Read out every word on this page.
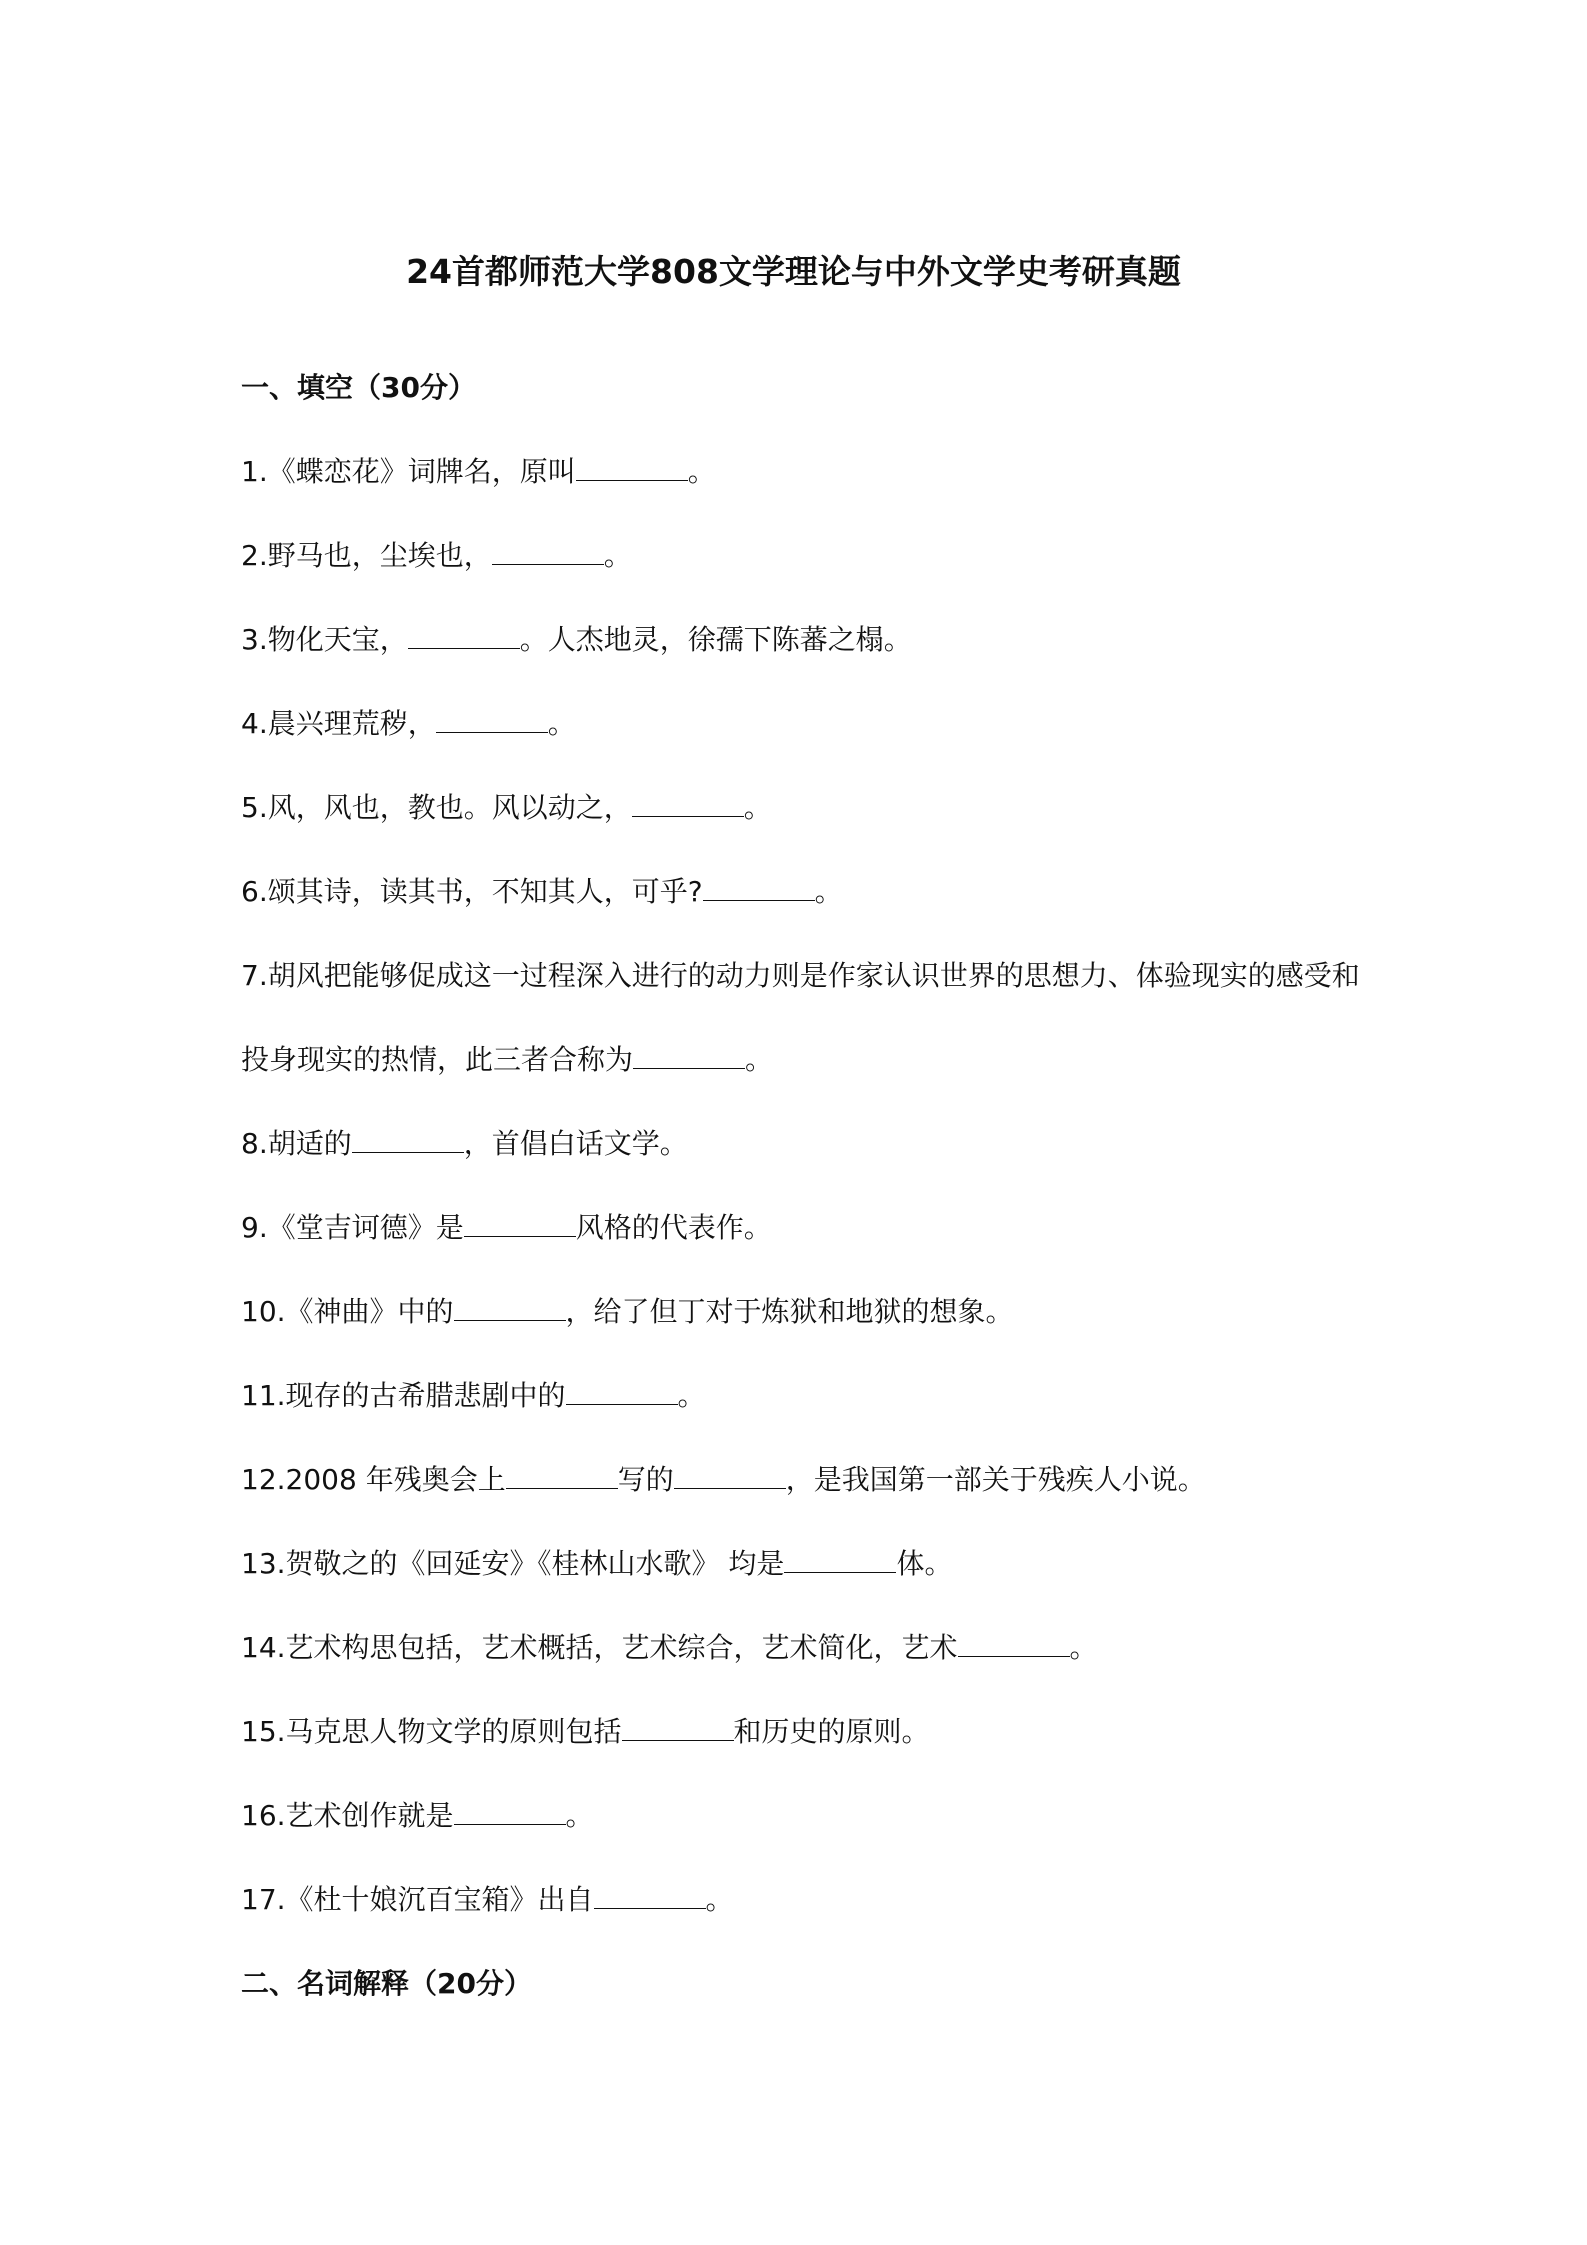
24首都师范大学808文学理论与中外文学史考研真题
一、填空（30分）
1.《蝶恋花》词牌名，原叫	。
2.野马也，尘埃也，	。
3.物化天宝，	。人杰地灵，徐孺下陈蕃之榻。
4.晨兴理荒秽，	。
5.风，风也，教也。风以动之，	。
6.颂其诗，读其书，不知其人，可乎?	。
7.胡风把能够促成这一过程深入进行的动力则是作家认识世界的思想力、体验现实的感受和
投身现实的热情，此三者合称为	。
8.胡适的	，首倡白话文学。
9.《堂吉诃德》是	风格的代表作。
10.《神曲》中的	，给了但丁对于炼狱和地狱的想象。
11.现存的古希腊悲剧中的	。
12.2008 年残奥会上	写的	，是我国第一部关于残疾人小说。
13.贺敬之的《回延安》《桂林山水歌》 均是	体。
14.艺术构思包括，艺术概括，艺术综合，艺术简化，艺术	。
15.马克思人物文学的原则包括	和历史的原则。
16.艺术创作就是	。
17.《杜十娘沉百宝箱》出自	。
二、名词解释（20分）
